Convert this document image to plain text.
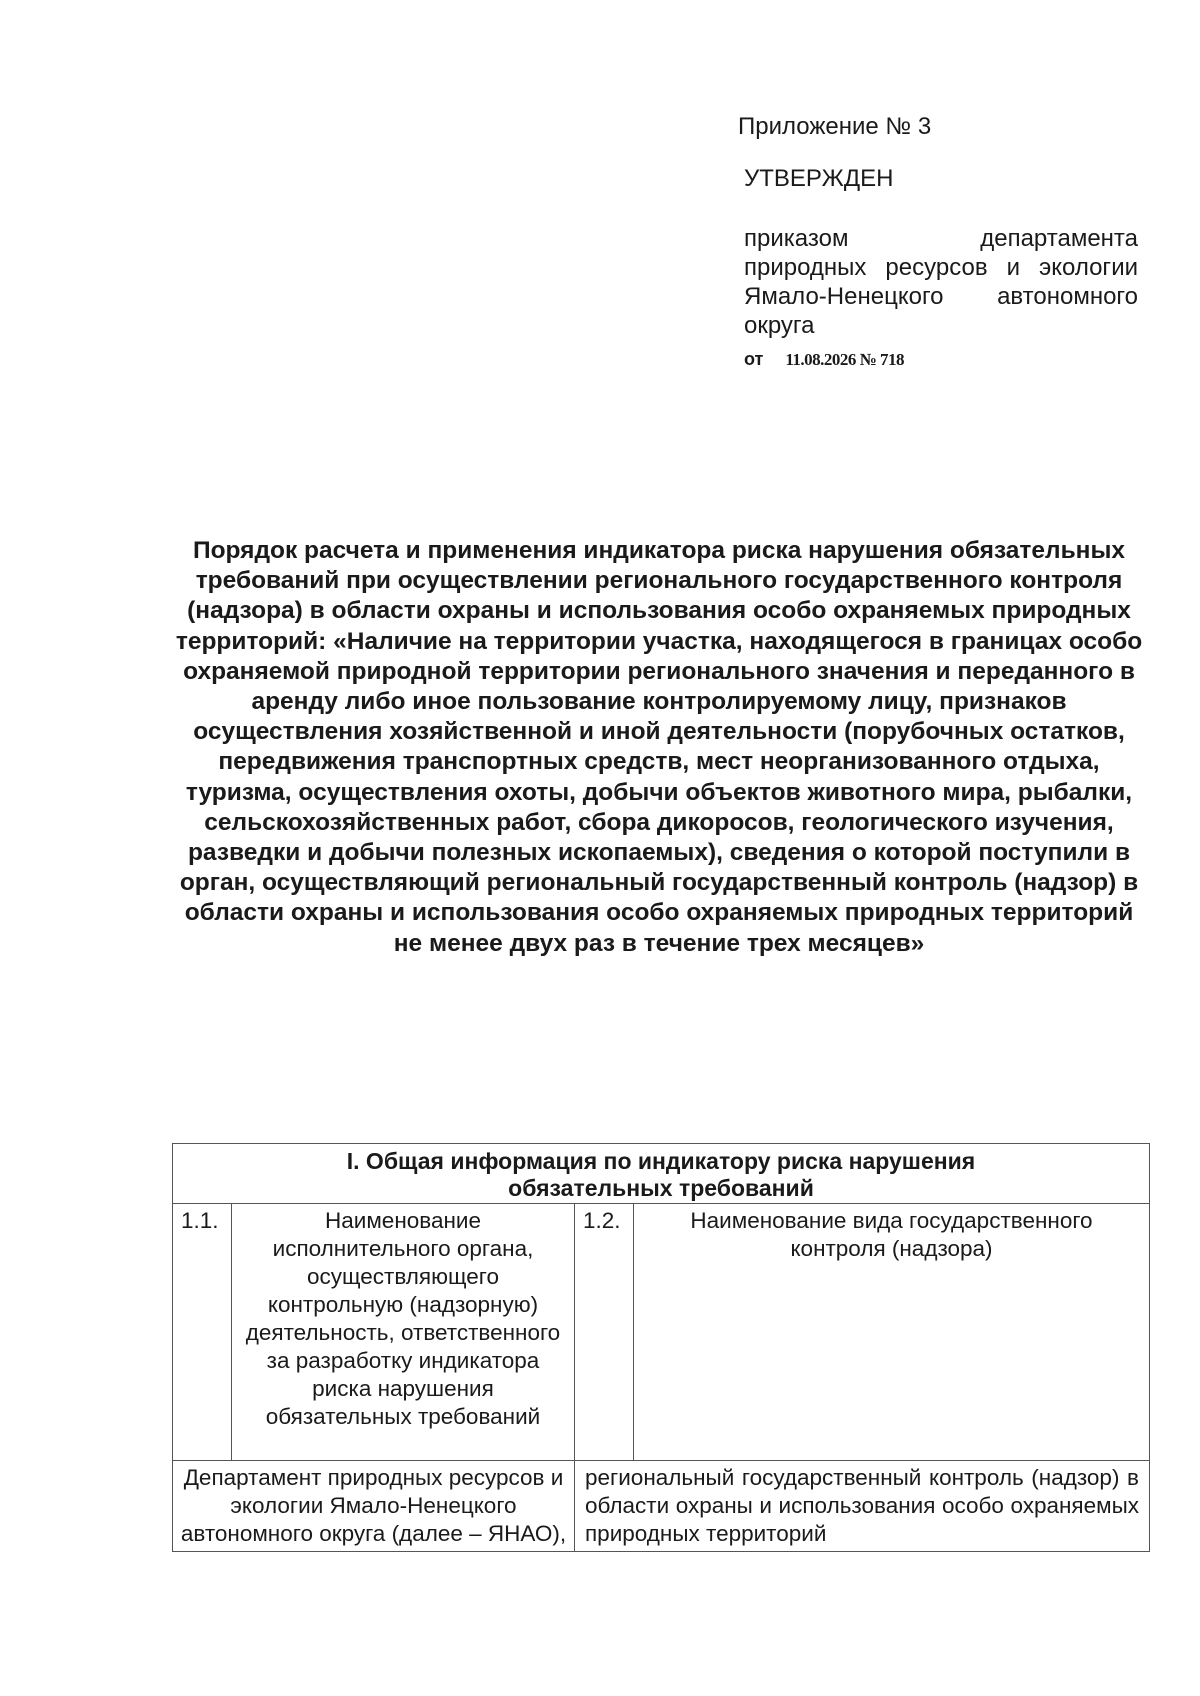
Приложение № 3
УТВЕРЖДЕН
приказом департамента природных ресурсов и экологии Ямало-Ненецкого автономного округа
от 11.08.2026 № 718
Порядок расчета и применения индикатора риска нарушения обязательных требований при осуществлении регионального государственного контроля (надзора) в области охраны и использования особо охраняемых природных территорий: «Наличие на территории участка, находящегося в границах особо охраняемой природной территории регионального значения и переданного в аренду либо иное пользование контролируемому лицу, признаков осуществления хозяйственной и иной деятельности (порубочных остатков, передвижения транспортных средств, мест неорганизованного отдыха, туризма, осуществления охоты, добычи объектов животного мира, рыбалки, сельскохозяйственных работ, сбора дикоросов, геологического изучения, разведки и добычи полезных ископаемых), сведения о которой поступили в орган, осуществляющий региональный государственный контроль (надзор) в области охраны и использования особо охраняемых природных территорий не менее двух раз в течение трех месяцев»
I. Общая информация по индикатору риска нарушения обязательных требований			
1.1.	Наименование исполнительного органа, осуществляющего контрольную (надзорную) деятельность, ответственного за разработку индикатора риска нарушения обязательных требований	1.2.	Наименование вида государственного контроля (надзора)
Департамент природных ресурсов и экологии Ямало-Ненецкого автономного округа (далее – ЯНАО),		региональный государственный контроль (надзор) в области охраны и использования особо охраняемых природных территорий	
